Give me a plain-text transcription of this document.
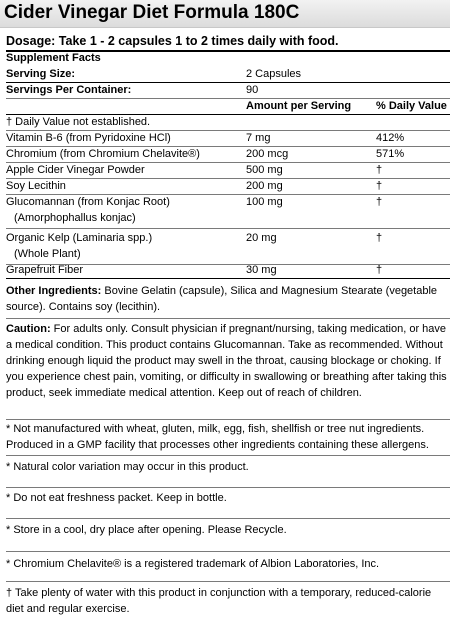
Cider Vinegar Diet Formula 180C
Dosage: Take 1 - 2 capsules 1 to 2 times daily with food.
Supplement Facts
Serving Size:	2 Capsules
Servings Per Container:	90
Amount per Serving % Daily Value
† Daily Value not established.
Vitamin B-6 (from Pyridoxine HCl)	7 mg	412%
Chromium (from Chromium Chelavite®)	200 mcg	571%
Apple Cider Vinegar Powder	500 mg	†
Soy Lecithin	200 mg	†
Glucomannan (from Konjac Root)	100 mg	†
(Amorphophallus konjac)
Organic Kelp (Laminaria spp.)	20 mg	†
(Whole Plant)
Grapefruit Fiber	30 mg	†
Other Ingredients: Bovine Gelatin (capsule), Silica and Magnesium Stearate (vegetable source). Contains soy (lecithin).
Caution: For adults only. Consult physician if pregnant/nursing, taking medication, or have a medical condition. This product contains Glucomannan. Take as recommended. Without drinking enough liquid the product may swell in the throat, causing blockage or choking. If you experience chest pain, vomiting, or difficulty in swallowing or breathing after taking this product, seek immediate medical attention. Keep out of reach of children.
* Not manufactured with wheat, gluten, milk, egg, fish, shellfish or tree nut ingredients. Produced in a GMP facility that processes other ingredients containing these allergens.
* Natural color variation may occur in this product.
* Do not eat freshness packet. Keep in bottle.
* Store in a cool, dry place after opening. Please Recycle.
* Chromium Chelavite® is a registered trademark of Albion Laboratories, Inc.
† Take plenty of water with this product in conjunction with a temporary, reduced-calorie diet and regular exercise.
